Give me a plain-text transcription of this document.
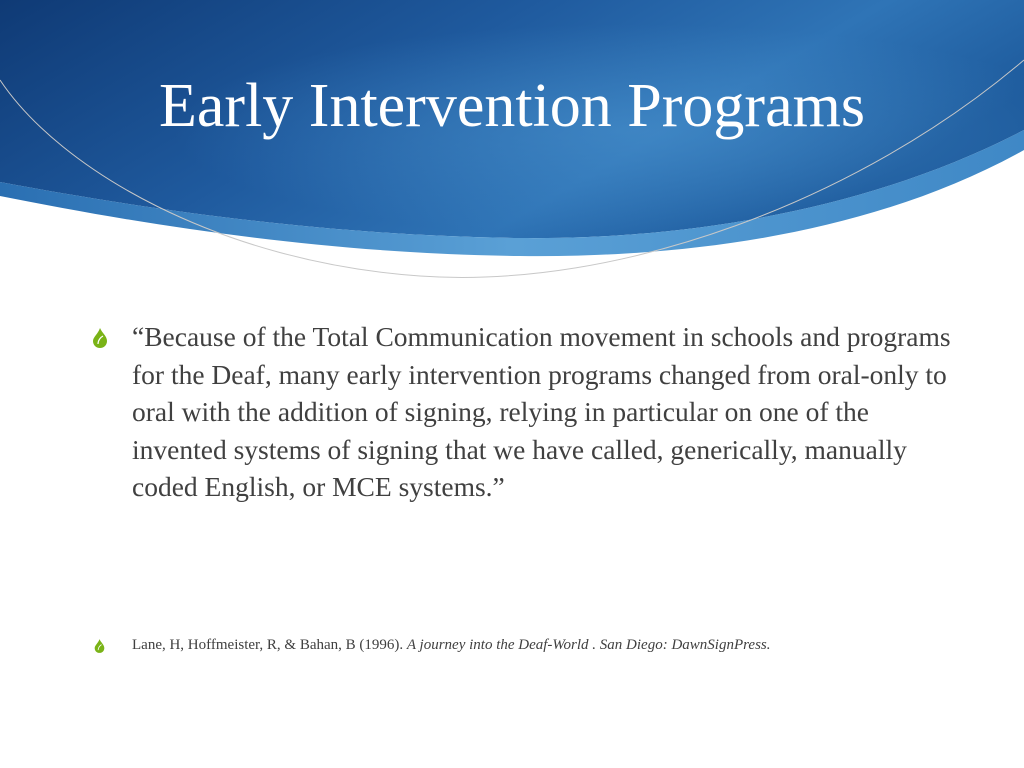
Early Intervention Programs
“Because of the Total Communication movement in schools and programs for the Deaf, many early intervention programs changed from oral-only to oral with the addition of signing, relying in particular on one of the invented systems of signing that we have called, generically, manually coded English, or MCE systems.”
Lane, H, Hoffmeister, R, & Bahan, B (1996). A journey into the Deaf-World . San Diego: DawnSignPress.
